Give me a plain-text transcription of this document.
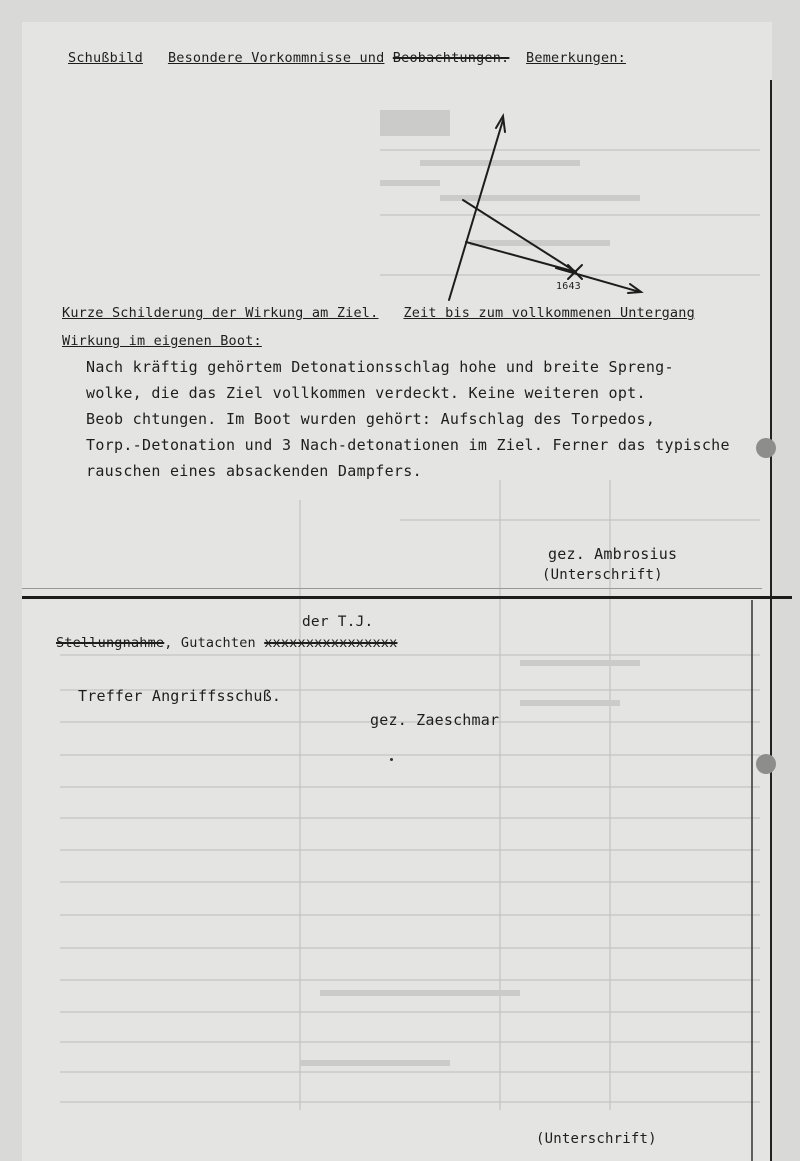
Schußbild Besondere Vorkommnisse und Beobachtungen. Bemerkungen:
1643
Kurze Schilderung der Wirkung am Ziel. Zeit bis zum vollkommenen Untergang
Wirkung im eigenen Boot:
Nach kräftig gehörtem Detonationsschlag hohe und breite Spreng-
wolke, die das Ziel vollkommen verdeckt. Keine weiteren opt.
Beob chtungen. Im Boot wurden gehört: Aufschlag des Torpedos,
Torp.-Detonation und 3 Nach-detonationen im Ziel. Ferner das typische
rauschen eines absackenden Dampfers.
gez. Ambrosius
(Unterschrift)
der T.J.
Stellungnahme, Gutachten xxxxxxxxxxxxxxxx
Treffer Angriffsschuß.
gez. Zaeschmar
(Unterschrift)
